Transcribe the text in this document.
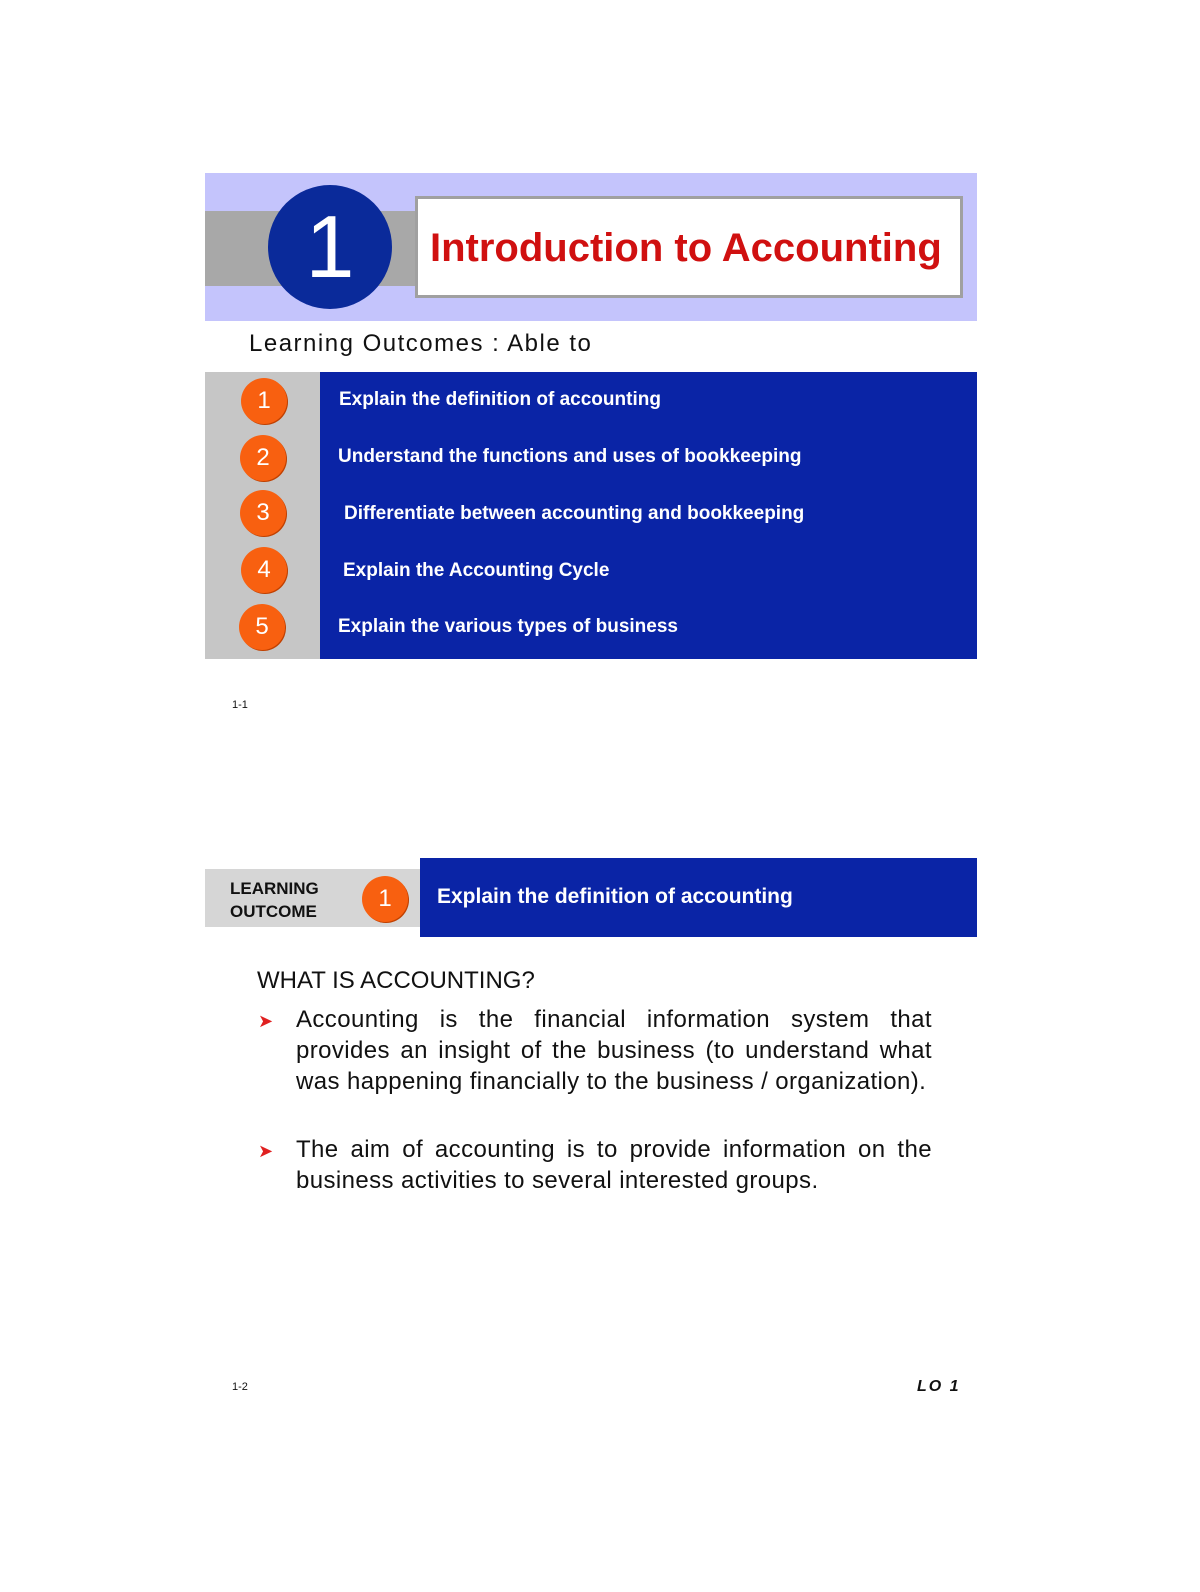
1	Introduction to Accounting
Learning Outcomes : Able to
1	Explain the definition of accounting
2	Understand the functions and uses of bookkeeping
3	Differentiate between accounting and bookkeeping
4	Explain the Accounting Cycle
5	Explain the various types of business
1-1
LEARNING
OUTCOME	1	Explain the definition of accounting
WHAT IS ACCOUNTING?
➤ Accounting is the financial information system that provides an insight of the business (to understand what was happening financially to the business / organization).
➤ The aim of accounting is to provide information on the business activities to several interested groups.
1-2	LO 1
